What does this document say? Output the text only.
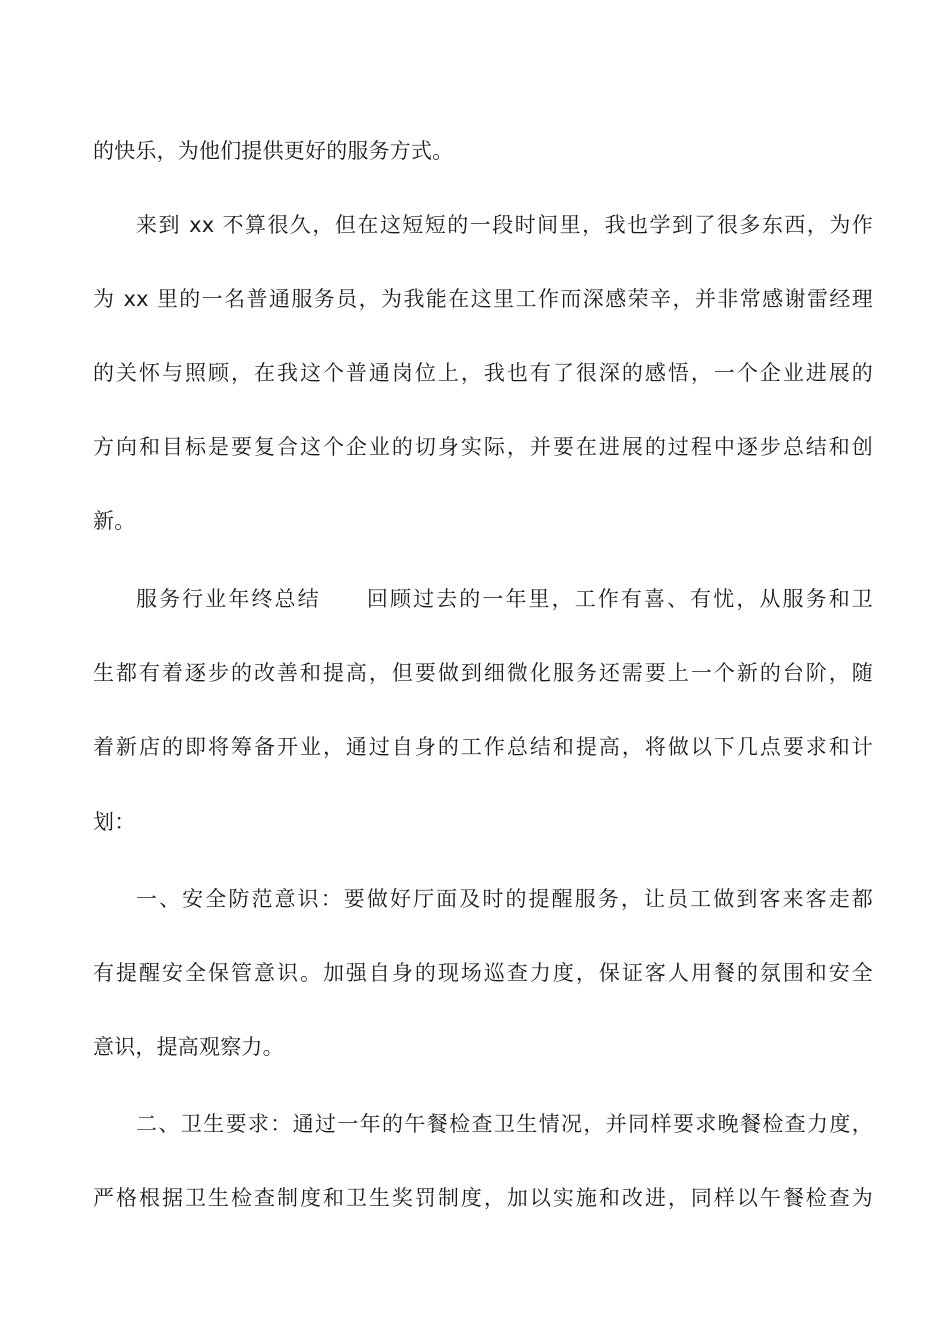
的快乐，为他们提供更好的服务方式。
来到 xx 不算很久，但在这短短的一段时间里，我也学到了很多东西，为作
为 xx 里的一名普通服务员，为我能在这里工作而深感荣辛，并非常感谢雷经理
的关怀与照顾，在我这个普通岗位上，我也有了很深的感悟，一个企业进展的
方向和目标是要复合这个企业的切身实际，并要在进展的过程中逐步总结和创
新。
服务行业年终总结　　回顾过去的一年里，工作有喜、有忧，从服务和卫
生都有着逐步的改善和提高，但要做到细微化服务还需要上一个新的台阶，随
着新店的即将筹备开业，通过自身的工作总结和提高，将做以下几点要求和计
划：
一、安全防范意识：要做好厅面及时的提醒服务，让员工做到客来客走都
有提醒安全保管意识。加强自身的现场巡查力度，保证客人用餐的氛围和安全
意识，提高观察力。
二、卫生要求：通过一年的午餐检查卫生情况，并同样要求晚餐检查力度，
严格根据卫生检查制度和卫生奖罚制度，加以实施和改进，同样以午餐检查为
